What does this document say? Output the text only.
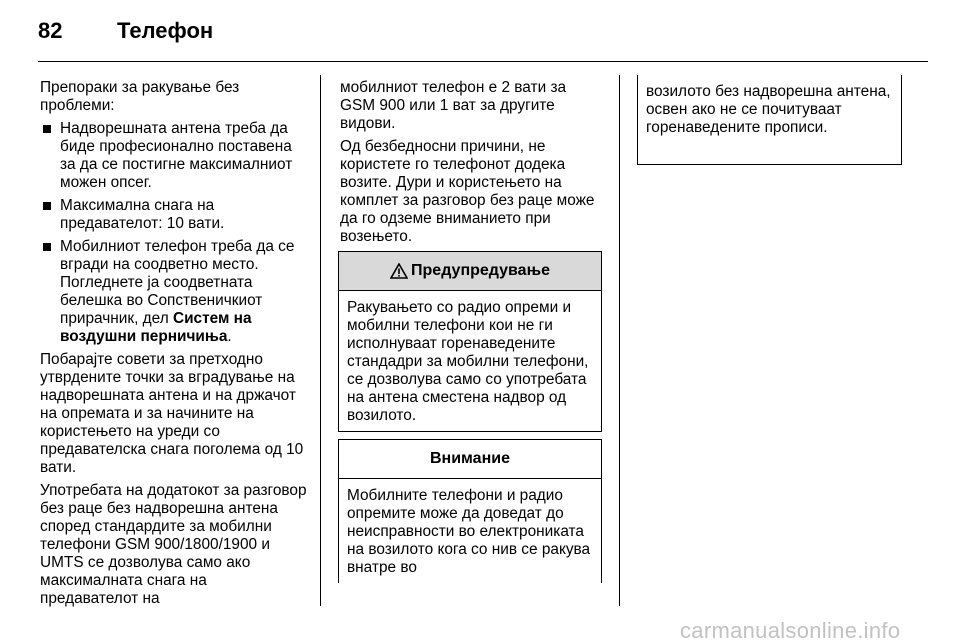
82 Телефон

Препораки за ракување без проблеми:

Надворешната антена треба да биде професионално поставена за да се постигне максималниот можен опсег.
Максимална снага на предавателот: 10 вати.
Мобилниот телефон треба да се вгради на соодветно место. Погледнете ја соодветната белешка во Сопственичкиот прирачник, дел Систем на воздушни перничиња.

Побарајте совети за претходно утврдените точки за вградување на надворешната антена и на држачот на опремата и за начините на користењето на уреди со предавателска снага поголема од 10 вати.

Употребата на додатокот за разговор без раце без надворешна антена според стандардите за мобилни телефони GSM 900/1800/1900 и UMTS се дозволува само ако максималната снага на предавателот на

мобилниот телефон е 2 вати за GSM 900 или 1 ват за другите видови.

Од безбедносни причини, не користете го телефонот додека возите. Дури и користењето на комплет за разговор без раце може да го одземе вниманието при возењето.

Предупредување
Ракувањето со радио опреми и мобилни телефони кои не ги исполнуваат горенаведените стандадри за мобилни телефони, се дозволува само со употребата на антена сместена надвор од возилото.
Внимание
Мобилните телефони и радио опремите може да доведат до неисправности во електрониката на возилото кога со нив се ракува внатре во
возилото без надворешна антена, освен ако не се почитуваат горенаведените прописи.
carmanualsonline.info
